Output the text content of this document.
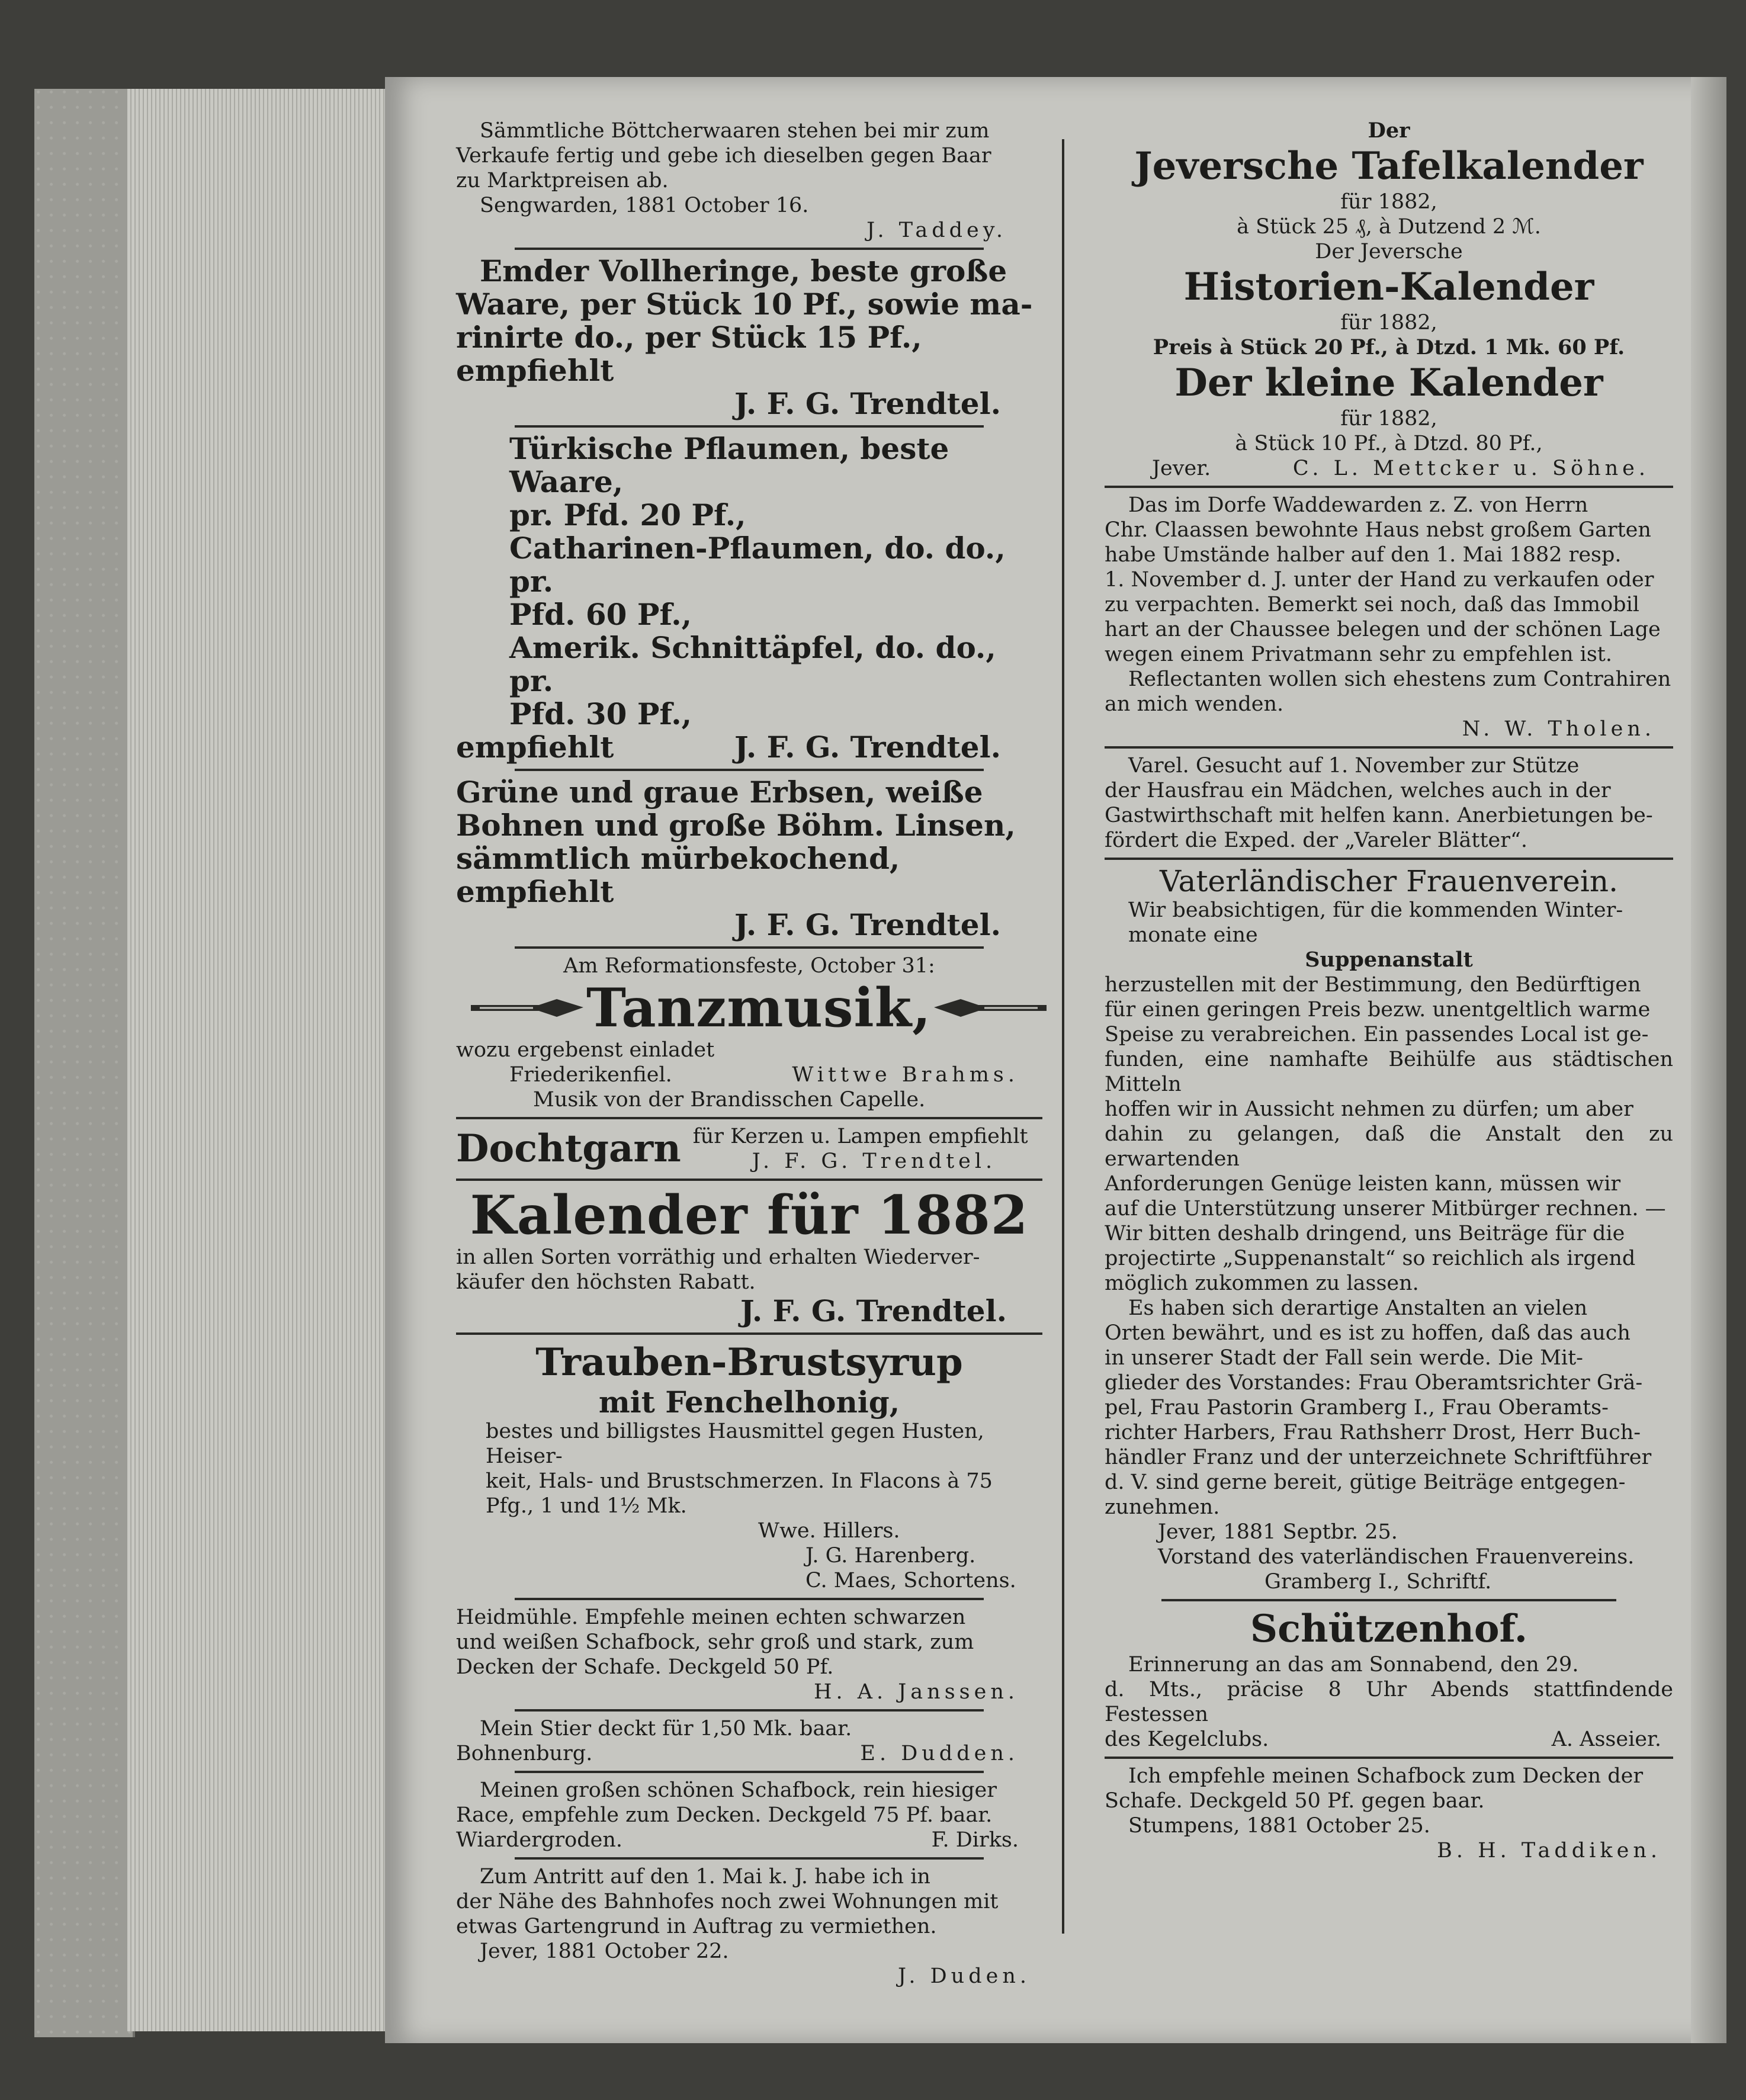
Sämmtliche Böttcherwaaren stehen bei mir zum
Verkaufe fertig und gebe ich dieselben gegen Baar
zu Marktpreisen ab.
Sengwarden, 1881 October 16.
J. Taddey.
Emder Vollheringe, beste große
Waare, per Stück 10 Pf., sowie ma-
rinirte do., per Stück 15 Pf., empfiehlt
J. F. G. Trendtel.
Türkische Pflaumen, beste Waare,
pr. Pfd. 20 Pf.,
Catharinen-Pflaumen, do. do., pr.
Pfd. 60 Pf.,
Amerik. Schnittäpfel, do. do., pr.
Pfd. 30 Pf.,
empfiehlt	J. F. G. Trendtel.
Grüne und graue Erbsen, weiße
Bohnen und große Böhm. Linsen,
sämmtlich mürbekochend, empfiehlt
J. F. G. Trendtel.
Am Reformationsfeste, October 31:
Tanzmusik,
wozu ergebenst einladet
Friederikenfiel.	Wittwe Brahms.
Musik von der Brandisschen Capelle.
Dochtgarn für Kerzen u. Lampen empfiehlt
J. F. G. Trendtel.
Kalender für 1882
in allen Sorten vorräthig und erhalten Wiederver-
käufer den höchsten Rabatt.
J. F. G. Trendtel.
Trauben-Brustsyrup
mit Fenchelhonig,
bestes und billigstes Hausmittel gegen Husten, Heiser-
keit, Hals- und Brustschmerzen. In Flacons à 75
Pfg., 1 und 1½ Mk.
Wwe. Hillers.
J. G. Harenberg.
C. Maes, Schortens.
Heidmühle. Empfehle meinen echten schwarzen
und weißen Schafbock, sehr groß und stark, zum
Decken der Schafe. Deckgeld 50 Pf.
H. A. Janssen.
Mein Stier deckt für 1,50 Mk. baar.
Bohnenburg.	E. Dudden.
Meinen großen schönen Schafbock, rein hiesiger
Race, empfehle zum Decken. Deckgeld 75 Pf. baar.
Wiardergroden.	F. Dirks.
Zum Antritt auf den 1. Mai k. J. habe ich in
der Nähe des Bahnhofes noch zwei Wohnungen mit
etwas Gartengrund in Auftrag zu vermiethen.
Jever, 1881 October 22.
J. Duden.
Der
Jeversche Tafelkalender
für 1882,
à Stück 25 ₰, à Dutzend 2 ℳ.
Der Jeversche
Historien-Kalender
für 1882,
Preis à Stück 20 Pf., à Dtzd. 1 Mk. 60 Pf.
Der kleine Kalender
für 1882,
à Stück 10 Pf., à Dtzd. 80 Pf.,
Jever.	C. L. Mettcker u. Söhne.
Das im Dorfe Waddewarden z. Z. von Herrn
Chr. Claassen bewohnte Haus nebst großem Garten
habe Umstände halber auf den 1. Mai 1882 resp.
1. November d. J. unter der Hand zu verkaufen oder
zu verpachten. Bemerkt sei noch, daß das Immobil
hart an der Chaussee belegen und der schönen Lage
wegen einem Privatmann sehr zu empfehlen ist.
Reflectanten wollen sich ehestens zum Contrahiren
an mich wenden.
N. W. Tholen.
Varel. Gesucht auf 1. November zur Stütze
der Hausfrau ein Mädchen, welches auch in der
Gastwirthschaft mit helfen kann. Anerbietungen be-
fördert die Exped. der „Vareler Blätter“.
Vaterländischer Frauenverein.
Wir beabsichtigen, für die kommenden Winter-
monate eine
Suppenanstalt
herzustellen mit der Bestimmung, den Bedürftigen
für einen geringen Preis bezw. unentgeltlich warme
Speise zu verabreichen. Ein passendes Local ist ge-
funden, eine namhafte Beihülfe aus städtischen Mitteln
hoffen wir in Aussicht nehmen zu dürfen; um aber
dahin zu gelangen, daß die Anstalt den zu erwartenden
Anforderungen Genüge leisten kann, müssen wir
auf die Unterstützung unserer Mitbürger rechnen. —
Wir bitten deshalb dringend, uns Beiträge für die
projectirte „Suppenanstalt“ so reichlich als irgend
möglich zukommen zu lassen.
Es haben sich derartige Anstalten an vielen
Orten bewährt, und es ist zu hoffen, daß das auch
in unserer Stadt der Fall sein werde. Die Mit-
glieder des Vorstandes: Frau Oberamtsrichter Grä-
pel, Frau Pastorin Gramberg I., Frau Oberamts-
richter Harbers, Frau Rathsherr Drost, Herr Buch-
händler Franz und der unterzeichnete Schriftführer
d. V. sind gerne bereit, gütige Beiträge entgegen-
zunehmen.
Jever, 1881 Septbr. 25.
Vorstand des vaterländischen Frauenvereins.
Gramberg I., Schriftf.
Schützenhof.
Erinnerung an das am Sonnabend, den 29.
d. Mts., präcise 8 Uhr Abends stattfindende Festessen
des Kegelclubs.	A. Asseier.
Ich empfehle meinen Schafbock zum Decken der
Schafe. Deckgeld 50 Pf. gegen baar.
Stumpens, 1881 October 25.
B. H. Taddiken.
